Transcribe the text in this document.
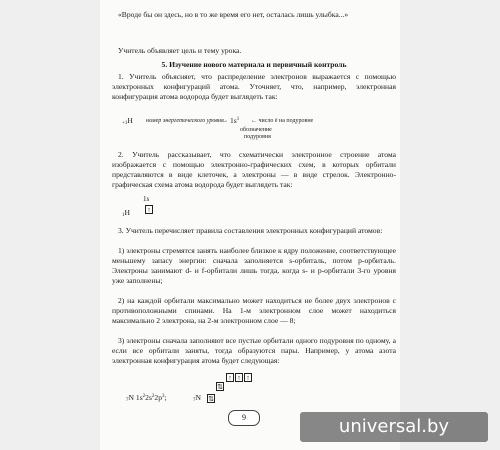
«Вроде бы он здесь, но в то же время его нет, осталась лишь улыбка...»
Учитель объявляет цель и тему урока.
5. Изучение нового материала и первичный контроль
1. Учитель объясняет, что распределение электронов выражается с помощью электронных конфигураций атома. Уточняет, что, например, электронная конфигурация атома водорода будет выглядеть так:
$_{+1}$H номер энергетического уровня
→ $1s^1$ ← число ē на подуровне
обозначение
подуровня
2. Учитель рассказывает, что схематически электронное строение атома изображается с помощью электронно-графических схем, в которых орбитали представляются в виде клеточек, а электроны — в виде стрелок. Электронно-графическая схема атома водорода будет выглядеть так:
1s
$_1$H	↑
3. Учитель перечисляет правила составления электронных конфигураций атомов:
1) электроны стремятся занять наиболее близкое к ядру положение, соответствующее меньшему запасу энергии: сначала заполняется s-орбиталь, потом p-орбиталь. Электроны занимают d- и f-орбитали лишь тогда, когда s- и p-орбитали 3-го уровня уже заполнены;
2) на каждой орбитали максимально может находиться не более двух электронов с противоположными спинами. На 1-м электронном слое может находиться максимально 2 электрона, на 2-м электронном слое — 8;
3) электроны сначала заполняют все пустые орбитали одного подуровня по одному, а если все орбитали заняты, тогда образуются пары. Например, у атома азота электронная конфигурация атома будет следующая:
$_7$N $1s^22s^22p^3$;	$_7$N ⇅
⇅
↑ ↑ ↑
9	universal.by
